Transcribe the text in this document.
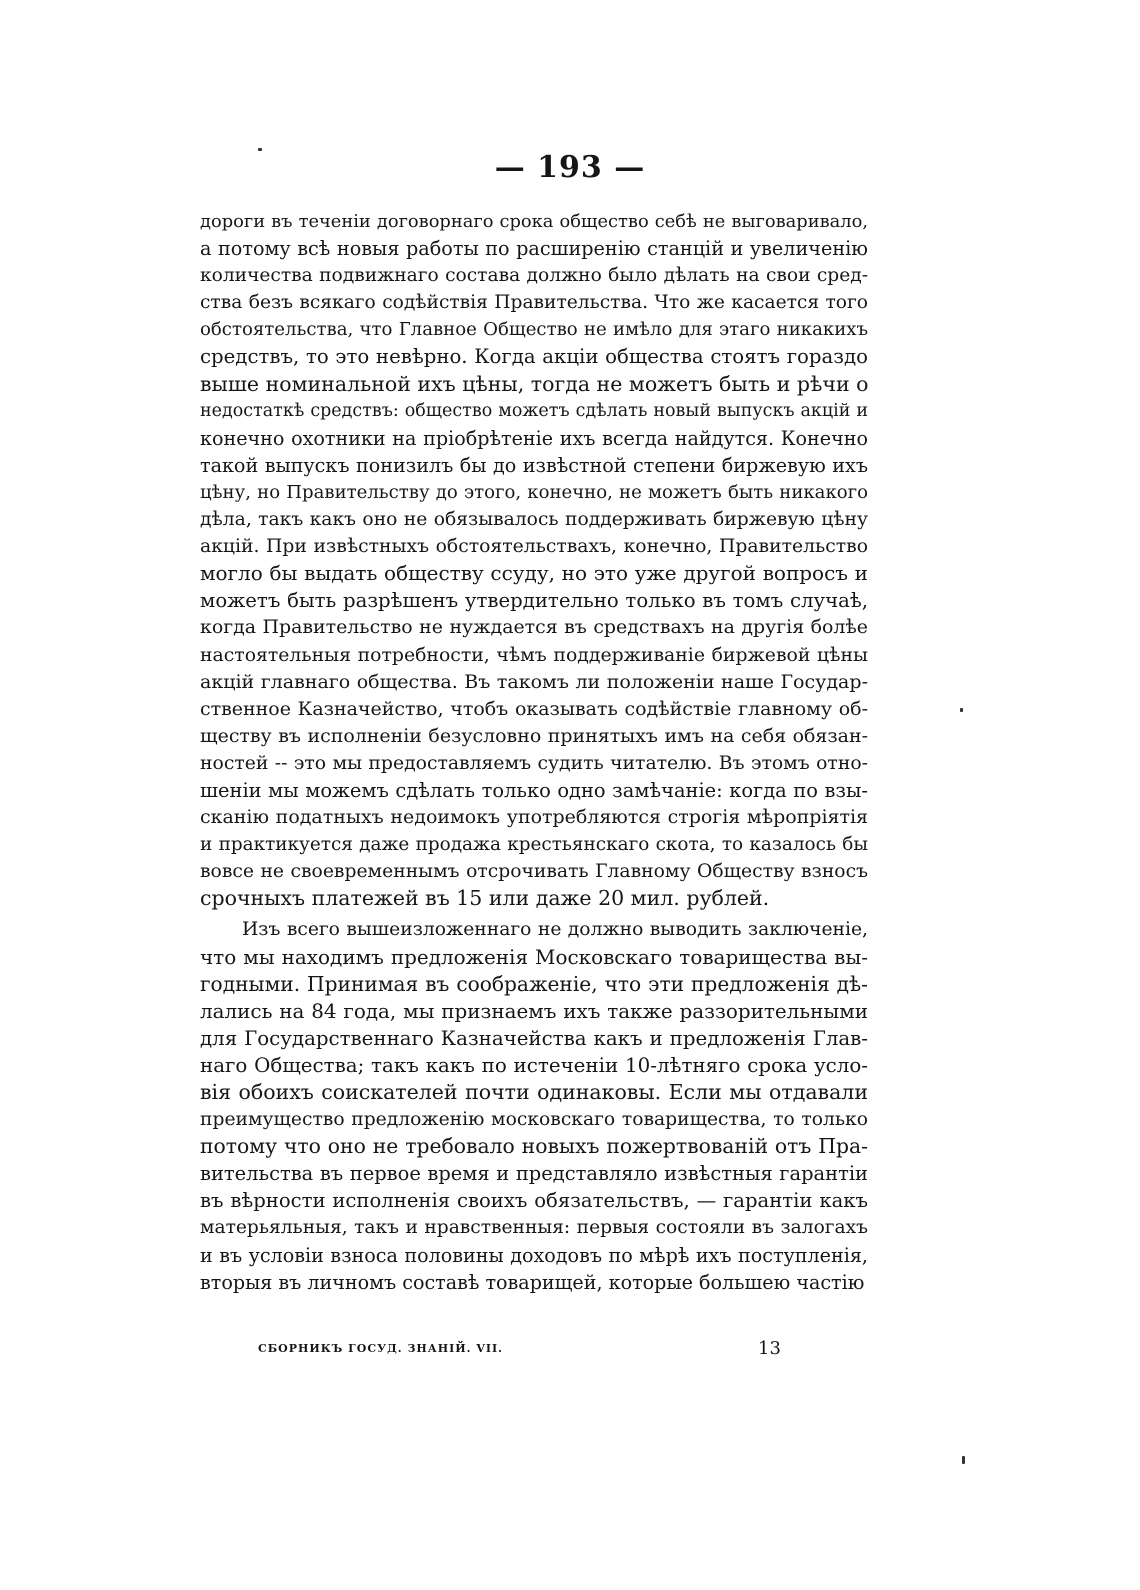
— 193 —
дороги въ теченіи договорнаго срока общество себѣ не выговаривало,
а потому всѣ новыя работы по расширенію станцій и увеличенію
количества подвижнаго состава должно было дѣлать на свои сред-
ства безъ всякаго содѣйствія Правительства. Что же касается того
обстоятельства, что Главное Общество не имѣло для этаго никакихъ
средствъ, то это невѣрно. Когда акціи общества стоятъ гораздо
выше номинальной ихъ цѣны, тогда не можетъ быть и рѣчи о
недостаткѣ средствъ: общество можетъ сдѣлать новый выпускъ акцій и
конечно охотники на пріобрѣтеніе ихъ всегда найдутся. Конечно
такой выпускъ понизилъ бы до извѣстной степени биржевую ихъ
цѣну, но Правительству до этого, конечно, не можетъ быть никакого
дѣла, такъ какъ оно не обязывалось поддерживать биржевую цѣну
акцій. При извѣстныхъ обстоятельствахъ, конечно, Правительство
могло бы выдать обществу ссуду, но это уже другой вопросъ и
можетъ быть разрѣшенъ утвердительно только въ томъ случаѣ,
когда Правительство не нуждается въ средствахъ на другія болѣе
настоятельныя потребности, чѣмъ поддерживаніе биржевой цѣны
акцій главнаго общества. Въ такомъ ли положеніи наше Государ-
ственное Казначейство, чтобъ оказывать содѣйствіе главному об-
ществу въ исполненіи безусловно принятыхъ имъ на себя обязан-
ностей -- это мы предоставляемъ судить читателю. Въ этомъ отно-
шеніи мы можемъ сдѣлать только одно замѣчаніе: когда по взы-
сканію податныхъ недоимокъ употребляются строгія мѣропріятія
и практикуется даже продажа крестьянскаго скота, то казалось бы
вовсе не своевременнымъ отсрочивать Главному Обществу взносъ
срочныхъ платежей въ 15 или даже 20 мил. рублей.
Изъ всего вышеизложеннаго не должно выводить заключеніе,
что мы находимъ предложенія Московскаго товарищества вы-
годными. Принимая въ соображеніе, что эти предложенія дѣ-
лались на 84 года, мы признаемъ ихъ также раззорительными
для Государственнаго Казначейства какъ и предложенія Глав-
наго Общества; такъ какъ по истеченіи 10-лѣтняго срока усло-
вія обоихъ соискателей почти одинаковы. Если мы отдавали
преимущество предложенію московскаго товарищества, то только
потому что оно не требовало новыхъ пожертвованій отъ Пра-
вительства въ первое время и представляло извѣстныя гарантіи
въ вѣрности исполненія своихъ обязательствъ, — гарантіи какъ
матерьяльныя, такъ и нравственныя: первыя состояли въ залогахъ
и въ условіи взноса половины доходовъ по мѣрѣ ихъ поступленія,
вторыя въ личномъ составѣ товарищей, которые большею частію
СБОРНИКЪ ГОСУД. ЗНАНІЙ. VII.	13
